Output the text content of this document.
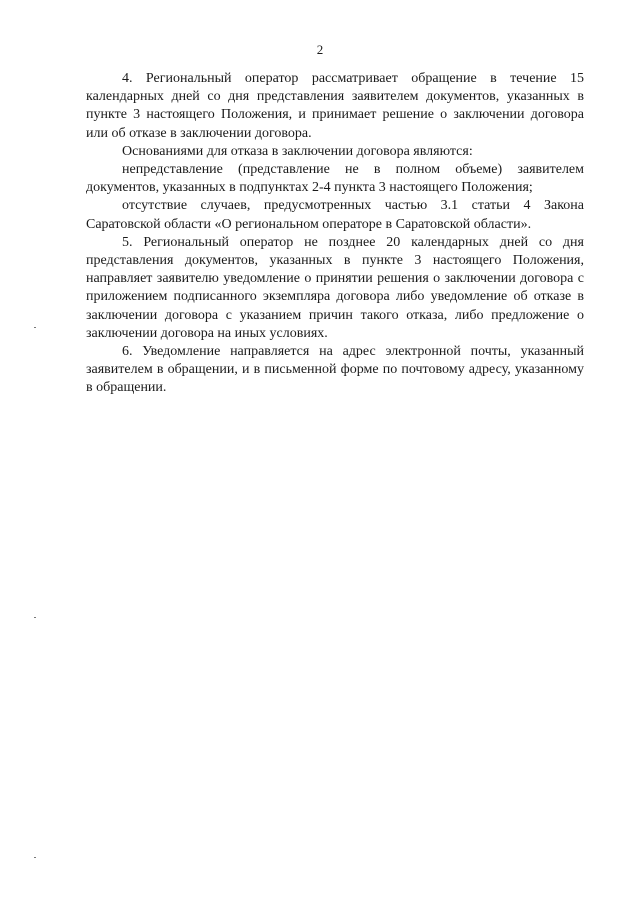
2

4. Региональный оператор рассматривает обращение в течение 15 календарных дней со дня представления заявителем документов, указанных в пункте 3 настоящего Положения, и принимает решение о заключении договора или об отказе в заключении договора.

Основаниями для отказа в заключении договора являются:

непредставление (представление не в полном объеме) заявителем документов, указанных в подпунктах 2-4 пункта 3 настоящего Положения;

отсутствие случаев, предусмотренных частью 3.1 статьи 4 Закона Саратовской области «О региональном операторе в Саратовской области».

5. Региональный оператор не позднее 20 календарных дней со дня представления документов, указанных в пункте 3 настоящего Положения, направляет заявителю уведомление о принятии решения о заключении договора с приложением подписанного экземпляра договора либо уведомление об отказе в заключении договора с указанием причин такого отказа, либо предложение о заключении договора на иных условиях.

6. Уведомление направляется на адрес электронной почты, указанный заявителем в обращении, и в письменной форме по почтовому адресу, указанному в обращении.
